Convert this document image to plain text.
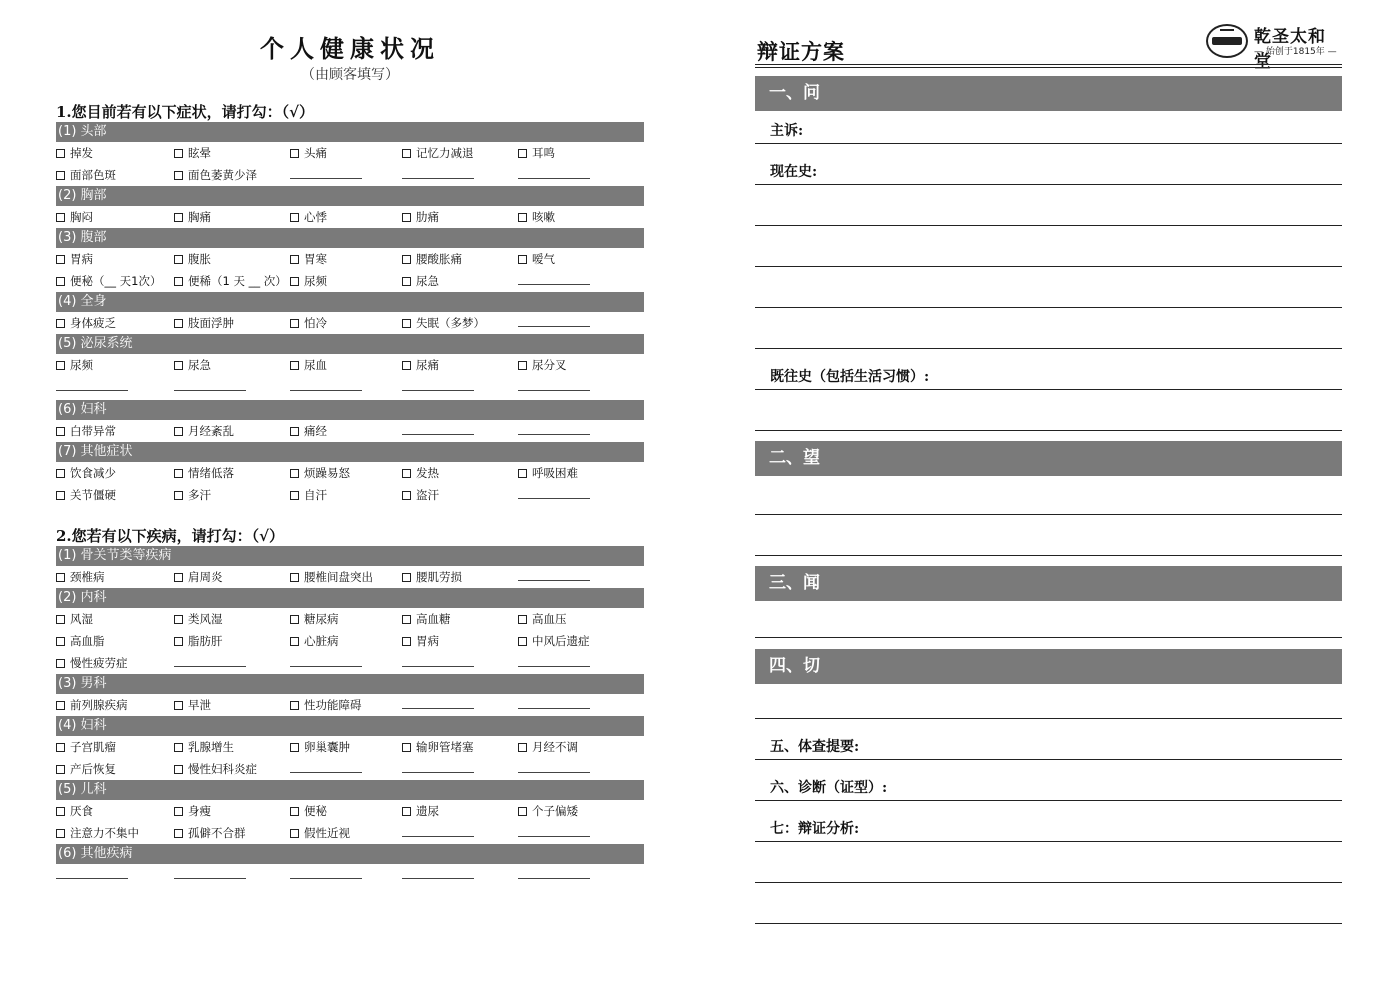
个人健康状况
（由顾客填写）
1.您目前若有以下症状，请打勾：（√）
(1) 头部
掉发	眩晕	头痛	记忆力减退	耳鸣
面部色斑	面色萎黄少泽
(2) 胸部
胸闷	胸痛	心悸	肋痛	咳嗽
(3) 腹部
胃病	腹胀	胃寒	腰酸胀痛	嗳气
便秘（__ 天1次）	便稀（1 天 __ 次）	尿频	尿急
(4) 全身
身体疲乏	肢面浮肿	怕冷	失眠（多梦）
(5) 泌尿系统
尿频	尿急	尿血	尿痛	尿分叉
(6) 妇科
白带异常	月经紊乱	痛经
(7) 其他症状
饮食减少	情绪低落	烦躁易怒	发热	呼吸困难
关节僵硬	多汗	自汗	盗汗
2.您若有以下疾病，请打勾：（√）
(1) 骨关节类等疾病
颈椎病	肩周炎	腰椎间盘突出	腰肌劳损
(2) 内科
风湿	类风湿	糖尿病	高血糖	高血压
高血脂	脂肪肝	心脏病	胃病	中风后遗症
慢性疲劳症
(3) 男科
前列腺疾病	早泄	性功能障碍
(4) 妇科
子宫肌瘤	乳腺增生	卵巢囊肿	输卵管堵塞	月经不调
产后恢复	慢性妇科炎症
(5) 儿科
厌食	身瘦	便秘	遗尿	个子偏矮
注意力不集中	孤僻不合群	假性近视
(6) 其他疾病
辩证方案
乾圣太和堂
— 始创于1815年 —
一、问
主诉:
现在史:
既往史（包括生活习惯）:
二、望
三、闻
四、切
五、体查提要:
六、诊断（证型）:
七：辩证分析:
